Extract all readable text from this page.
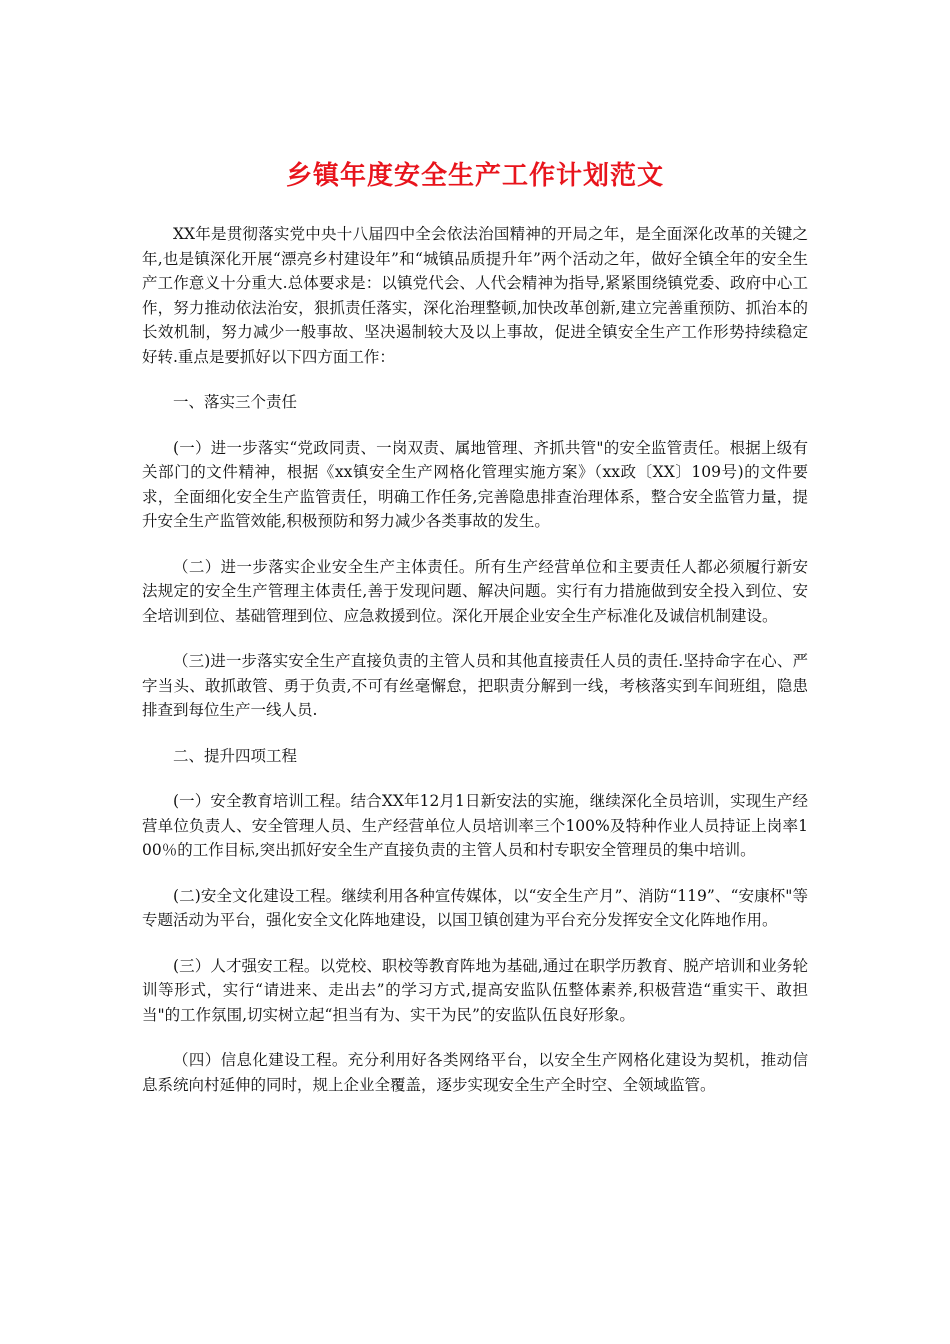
乡镇年度安全生产工作计划范文

XX年是贯彻落实党中央十八届四中全会依法治国精神的开局之年，是全面深化改革的关键之年,也是镇深化开展“漂亮乡村建设年”和“城镇品质提升年”两个活动之年，做好全镇全年的安全生产工作意义十分重大.总体要求是：以镇党代会、人代会精神为指导,紧紧围绕镇党委、政府中心工作，努力推动依法治安，狠抓责任落实，深化治理整顿,加快改革创新,建立完善重预防、抓治本的长效机制，努力减少一般事故、坚决遏制较大及以上事故，促进全镇安全生产工作形势持续稳定好转.重点是要抓好以下四方面工作：

一、落实三个责任

(一）进一步落实“党政同责、一岗双责、属地管理、齐抓共管"的安全监管责任。根据上级有关部门的文件精神，根据《xx镇安全生产网格化管理实施方案》（xx政〔XX〕109号)的文件要求，全面细化安全生产监管责任，明确工作任务,完善隐患排查治理体系，整合安全监管力量，提升安全生产监管效能,积极预防和努力减少各类事故的发生。

（二）进一步落实企业安全生产主体责任。所有生产经营单位和主要责任人都必须履行新安法规定的安全生产管理主体责任,善于发现问题、解决问题。实行有力措施做到安全投入到位、安全培训到位、基础管理到位、应急救援到位。深化开展企业安全生产标准化及诚信机制建设。

（三)进一步落实安全生产直接负责的主管人员和其他直接责任人员的责任.坚持命字在心、严字当头、敢抓敢管、勇于负责,不可有丝毫懈怠，把职责分解到一线，考核落实到车间班组，隐患排查到每位生产一线人员.

二、提升四项工程

(一）安全教育培训工程。结合XX年12月1日新安法的实施，继续深化全员培训，实现生产经营单位负责人、安全管理人员、生产经营单位人员培训率三个100%及特种作业人员持证上岗率100％的工作目标,突出抓好安全生产直接负责的主管人员和村专职安全管理员的集中培训。

(二)安全文化建设工程。继续利用各种宣传媒体，以“安全生产月”、消防“119”、“安康杯"等专题活动为平台，强化安全文化阵地建设，以国卫镇创建为平台充分发挥安全文化阵地作用。

(三）人才强安工程。以党校、职校等教育阵地为基础,通过在职学历教育、脱产培训和业务轮训等形式，实行“请进来、走出去”的学习方式,提高安监队伍整体素养,积极营造“重实干、敢担当"的工作氛围,切实树立起“担当有为、实干为民”的安监队伍良好形象。

（四）信息化建设工程。充分利用好各类网络平台，以安全生产网格化建设为契机，推动信息系统向村延伸的同时，规上企业全覆盖，逐步实现安全生产全时空、全领域监管。
